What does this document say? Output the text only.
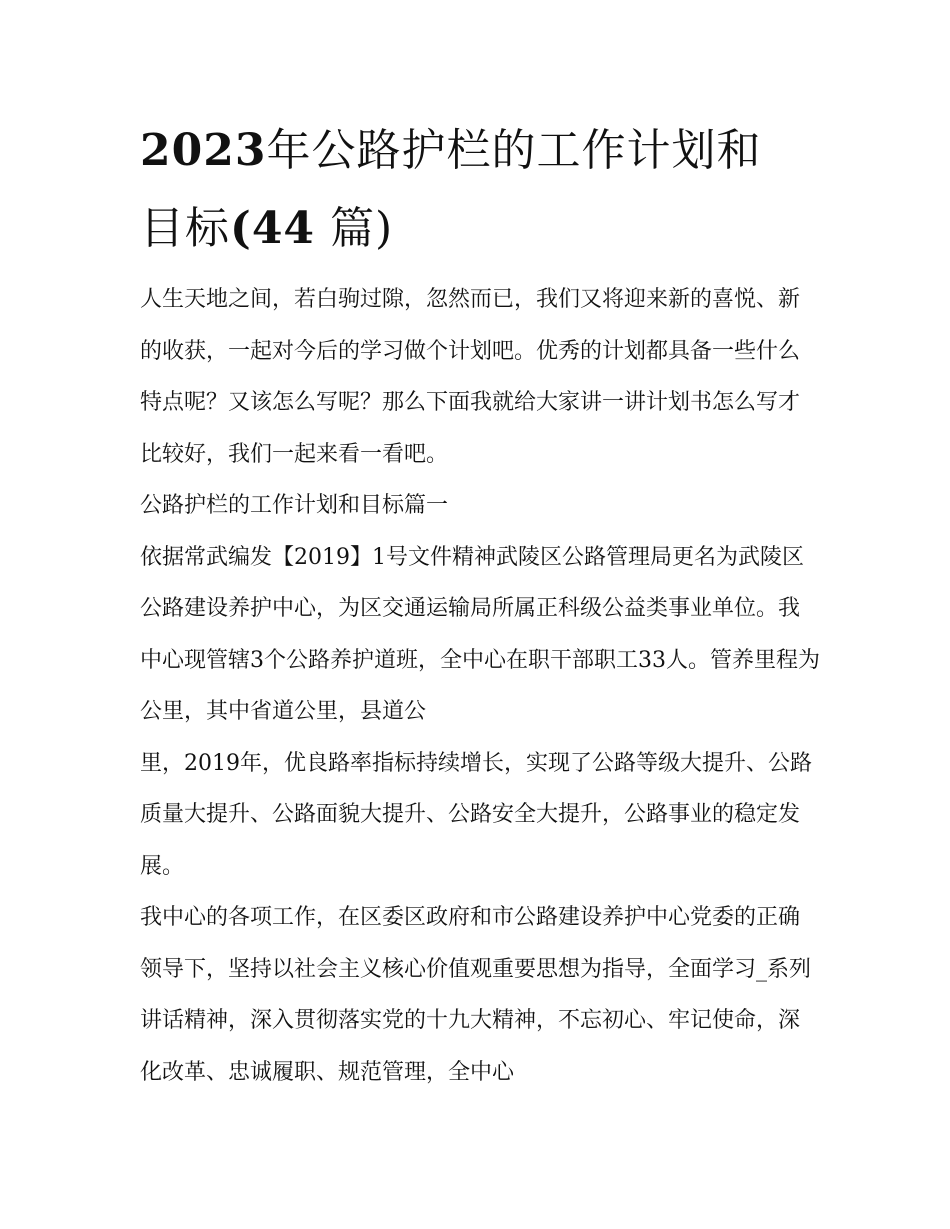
2023年公路护栏的工作计划和
目标(44 篇)

人生天地之间，若白驹过隙，忽然而已，我们又将迎来新的喜悦、新的收获，一起对今后的学习做个计划吧。优秀的计划都具备一些什么特点呢？又该怎么写呢？那么下面我就给大家讲一讲计划书怎么写才比较好，我们一起来看一看吧。

公路护栏的工作计划和目标篇一

依据常武编发【2019】1号文件精神武陵区公路管理局更名为武陵区公路建设养护中心，为区交通运输局所属正科级公益类事业单位。我中心现管辖3个公路养护道班，全中心在职干部职工33人。管养里程为公里，其中省道公里，县道公

里，2019年，优良路率指标持续增长，实现了公路等级大提升、公路质量大提升、公路面貌大提升、公路安全大提升，公路事业的稳定发展。

我中心的各项工作，在区委区政府和市公路建设养护中心党委的正确领导下，坚持以社会主义核心价值观重要思想为指导，全面学习_系列讲话精神，深入贯彻落实党的十九大精神，不忘初心、牢记使命，深化改革、忠诚履职、规范管理，全中心
